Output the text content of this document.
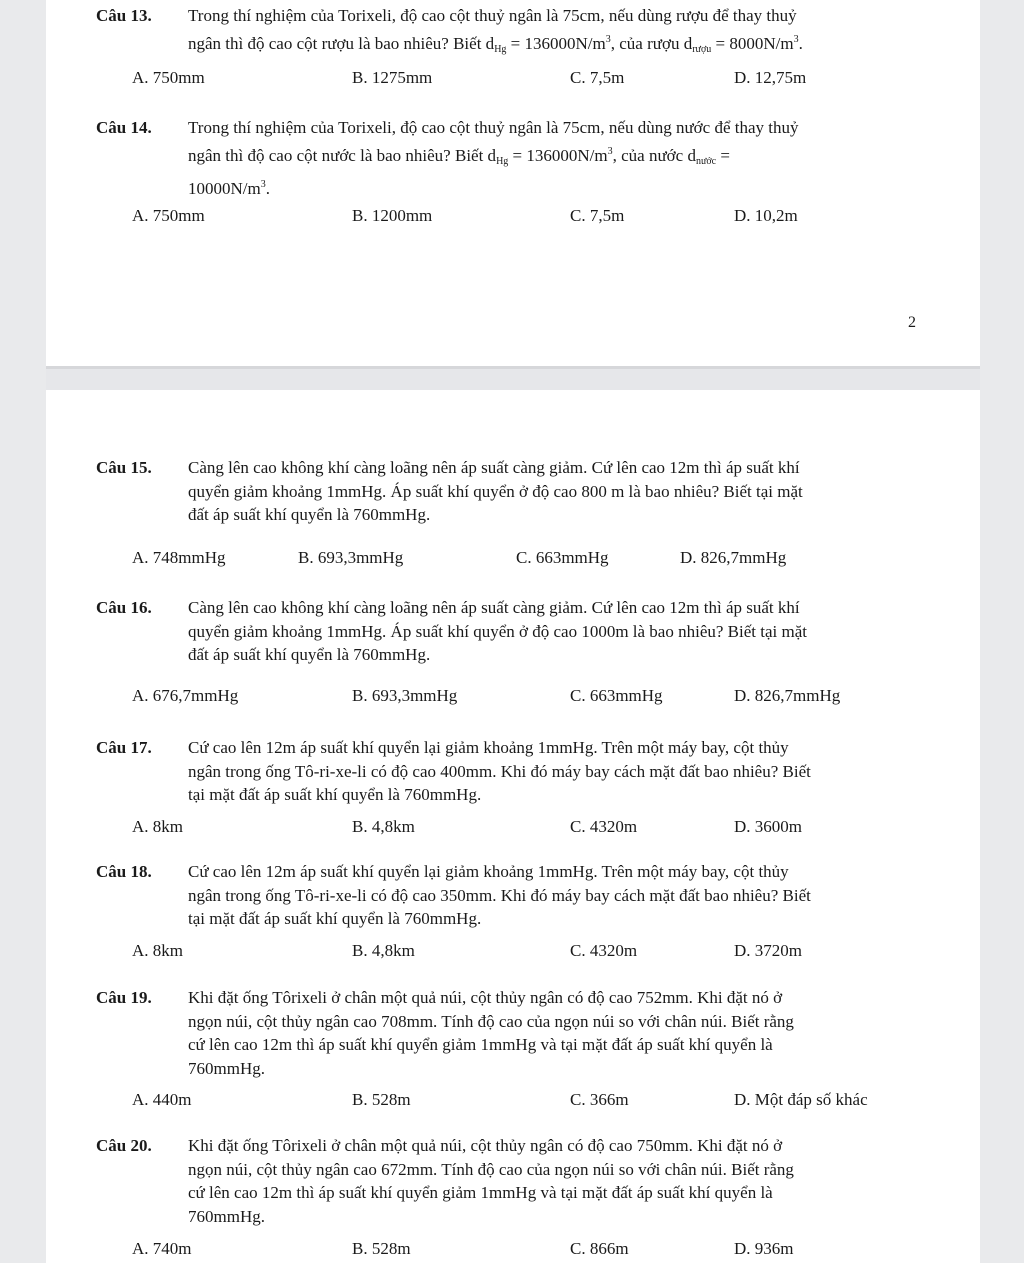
Câu 13. Trong thí nghiệm của Torixeli, độ cao cột thuỷ ngân là 75cm, nếu dùng rượu để thay thuỷ
ngân thì độ cao cột rượu là bao nhiêu? Biết $d_{Hg} = 136000N/m^3$, của rượu $d_{rượu} = 8000N/m^3$.
A. 750mm	B. 1275mm	C. 7,5m	D. 12,75m
Câu 14. Trong thí nghiệm của Torixeli, độ cao cột thuỷ ngân là 75cm, nếu dùng nước để thay thuỷ
ngân thì độ cao cột nước là bao nhiêu? Biết $d_{Hg} = 136000N/m^3$, của nước $d_{nước}$ =
$10000N/m^3$.
A. 750mm	B. 1200mm	C. 7,5m	D. 10,2m
2
Câu 15. Càng lên cao không khí càng loãng nên áp suất càng giảm. Cứ lên cao 12m thì áp suất khí
quyển giảm khoảng 1mmHg. Áp suất khí quyển ở độ cao 800 m là bao nhiêu? Biết tại mặt
đất áp suất khí quyển là 760mmHg.
A. 748mmHg	B. 693,3mmHg	C. 663mmHg	D. 826,7mmHg
Câu 16. Càng lên cao không khí càng loãng nên áp suất càng giảm. Cứ lên cao 12m thì áp suất khí
quyển giảm khoảng 1mmHg. Áp suất khí quyển ở độ cao 1000m là bao nhiêu? Biết tại mặt
đất áp suất khí quyển là 760mmHg.
A. 676,7mmHg	B. 693,3mmHg	C. 663mmHg	D. 826,7mmHg
Câu 17. Cứ cao lên 12m áp suất khí quyển lại giảm khoảng 1mmHg. Trên một máy bay, cột thủy
ngân trong ống Tô-ri-xe-li có độ cao 400mm. Khi đó máy bay cách mặt đất bao nhiêu? Biết
tại mặt đất áp suất khí quyển là 760mmHg.
A. 8km	B. 4,8km	C. 4320m	D. 3600m
Câu 18. Cứ cao lên 12m áp suất khí quyển lại giảm khoảng 1mmHg. Trên một máy bay, cột thủy
ngân trong ống Tô-ri-xe-li có độ cao 350mm. Khi đó máy bay cách mặt đất bao nhiêu? Biết
tại mặt đất áp suất khí quyển là 760mmHg.
A. 8km	B. 4,8km	C. 4320m	D. 3720m
Câu 19. Khi đặt ống Tôrixeli ở chân một quả núi, cột thủy ngân có độ cao 752mm. Khi đặt nó ở
ngọn núi, cột thủy ngân cao 708mm. Tính độ cao của ngọn núi so với chân núi. Biết rằng
cứ lên cao 12m thì áp suất khí quyển giảm 1mmHg và tại mặt đất áp suất khí quyển là
760mmHg.
A. 440m	B. 528m	C. 366m	D. Một đáp số khác
Câu 20. Khi đặt ống Tôrixeli ở chân một quả núi, cột thủy ngân có độ cao 750mm. Khi đặt nó ở
ngọn núi, cột thủy ngân cao 672mm. Tính độ cao của ngọn núi so với chân núi. Biết rằng
cứ lên cao 12m thì áp suất khí quyển giảm 1mmHg và tại mặt đất áp suất khí quyển là
760mmHg.
A. 740m	B. 528m	C. 866m	D. 936m
